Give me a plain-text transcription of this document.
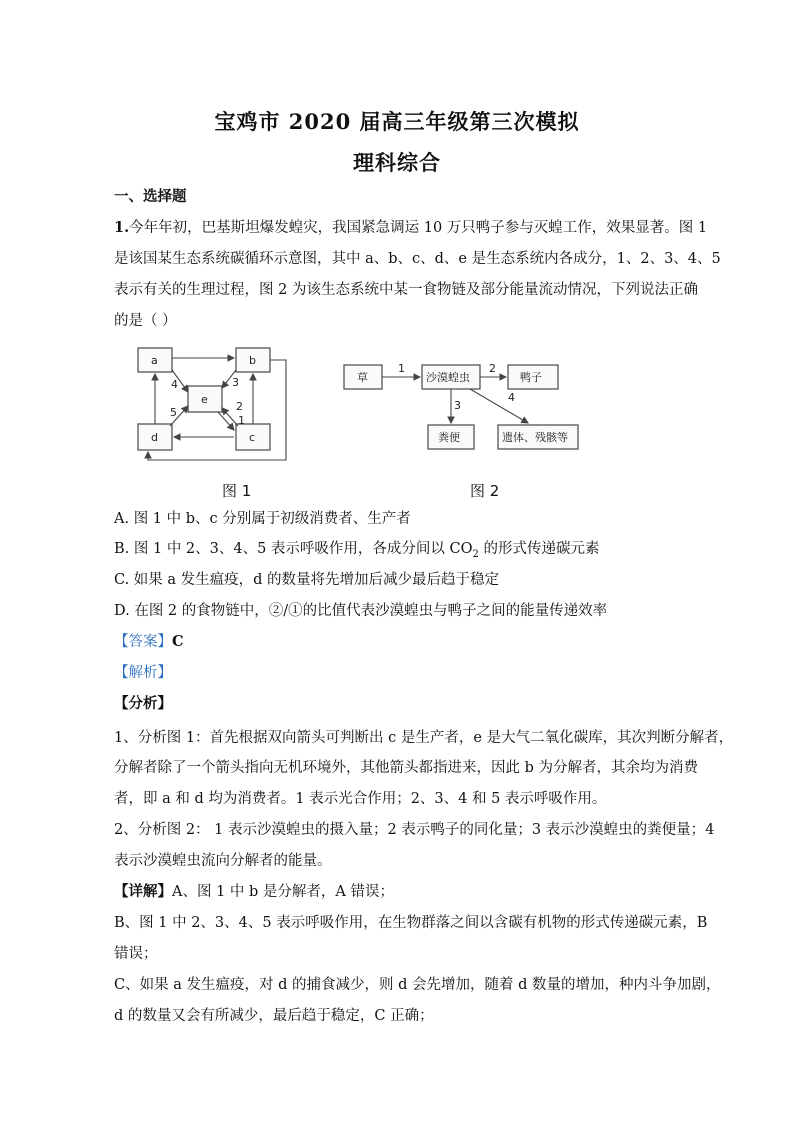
宝鸡市 2020 届高三年级第三次模拟
理科综合
一、选择题
1.今年年初，巴基斯坦爆发蝗灾，我国紧急调运 10 万只鸭子参与灭蝗工作，效果显著。图 1
是该国某生态系统碳循环示意图，其中 a、b、c、d、e 是生态系统内各成分，1、2、3、4、5
表示有关的生理过程，图 2 为该生态系统中某一食物链及部分能量流动情况，下列说法正确
的是（ ）
a	b
e
d	c
1
2
3
4
5
图 1
草	沙漠蝗虫	鸭子
粪便	遗体、残骸等
1	2
3
4
图 2
A. 图 1 中 b、c 分别属于初级消费者、生产者
B. 图 1 中 2、3、4、5 表示呼吸作用，各成分间以 $CO_2$ 的形式传递碳元素
C. 如果 a 发生瘟疫，d 的数量将先增加后减少最后趋于稳定
D. 在图 2 的食物链中，②/①的比值代表沙漠蝗虫与鸭子之间的能量传递效率
【答案】C
【解析】
【分析】
1、分析图 1：首先根据双向箭头可判断出 c 是生产者，e 是大气二氧化碳库，其次判断分解者，
分解者除了一个箭头指向无机环境外，其他箭头都指进来，因此 b 为分解者，其余均为消费
者，即 a 和 d 均为消费者。1 表示光合作用；2、3、4 和 5 表示呼吸作用。
2、分析图 2： 1 表示沙漠蝗虫的摄入量；2 表示鸭子的同化量；3 表示沙漠蝗虫的粪便量；4
表示沙漠蝗虫流向分解者的能量。
【详解】A、图 1 中 b 是分解者，A 错误；
B、图 1 中 2、3、4、5 表示呼吸作用，在生物群落之间以含碳有机物的形式传递碳元素，B
错误；
C、如果 a 发生瘟疫，对 d 的捕食减少，则 d 会先增加，随着 d 数量的增加，种内斗争加剧，
d 的数量又会有所减少，最后趋于稳定，C 正确；
